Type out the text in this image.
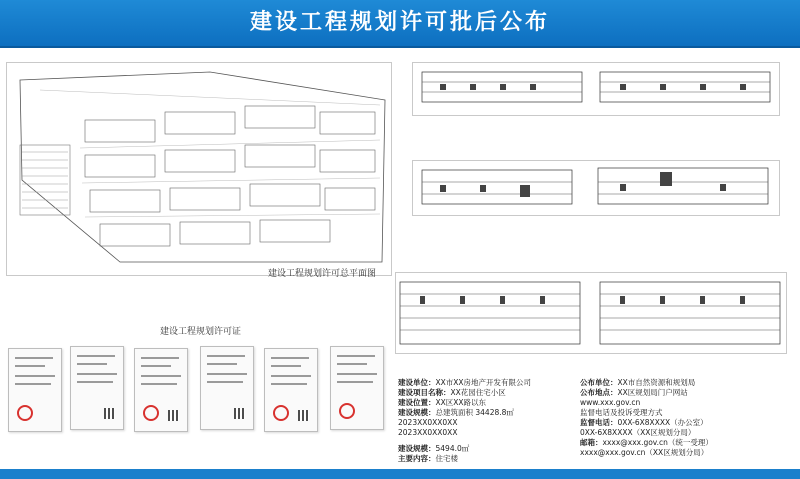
建设工程规划许可批后公布
建设工程规划许可总平面图
建设工程规划许可证
建设单位：XX市XX房地产开发有限公司
建设项目名称：XX花园住宅小区
建设位置：XX区XX路以东
建设规模：总建筑面积 34428.8㎡
2023XX0XX0XX
2023XX0XX0XX
建设规模：5494.0㎡
主要内容：住宅楼
公布单位：XX市自然资源和规划局
公布地点：XX区规划局门户网站
www.xxx.gov.cn
监督电话及投诉受理方式
监督电话：0XX-6X8XXXX（办公室）
0XX-6X8XXXX（XX区规划分局）
邮箱：xxxx@xxx.gov.cn（统一受理）
xxxx@xxx.gov.cn（XX区规划分局）
